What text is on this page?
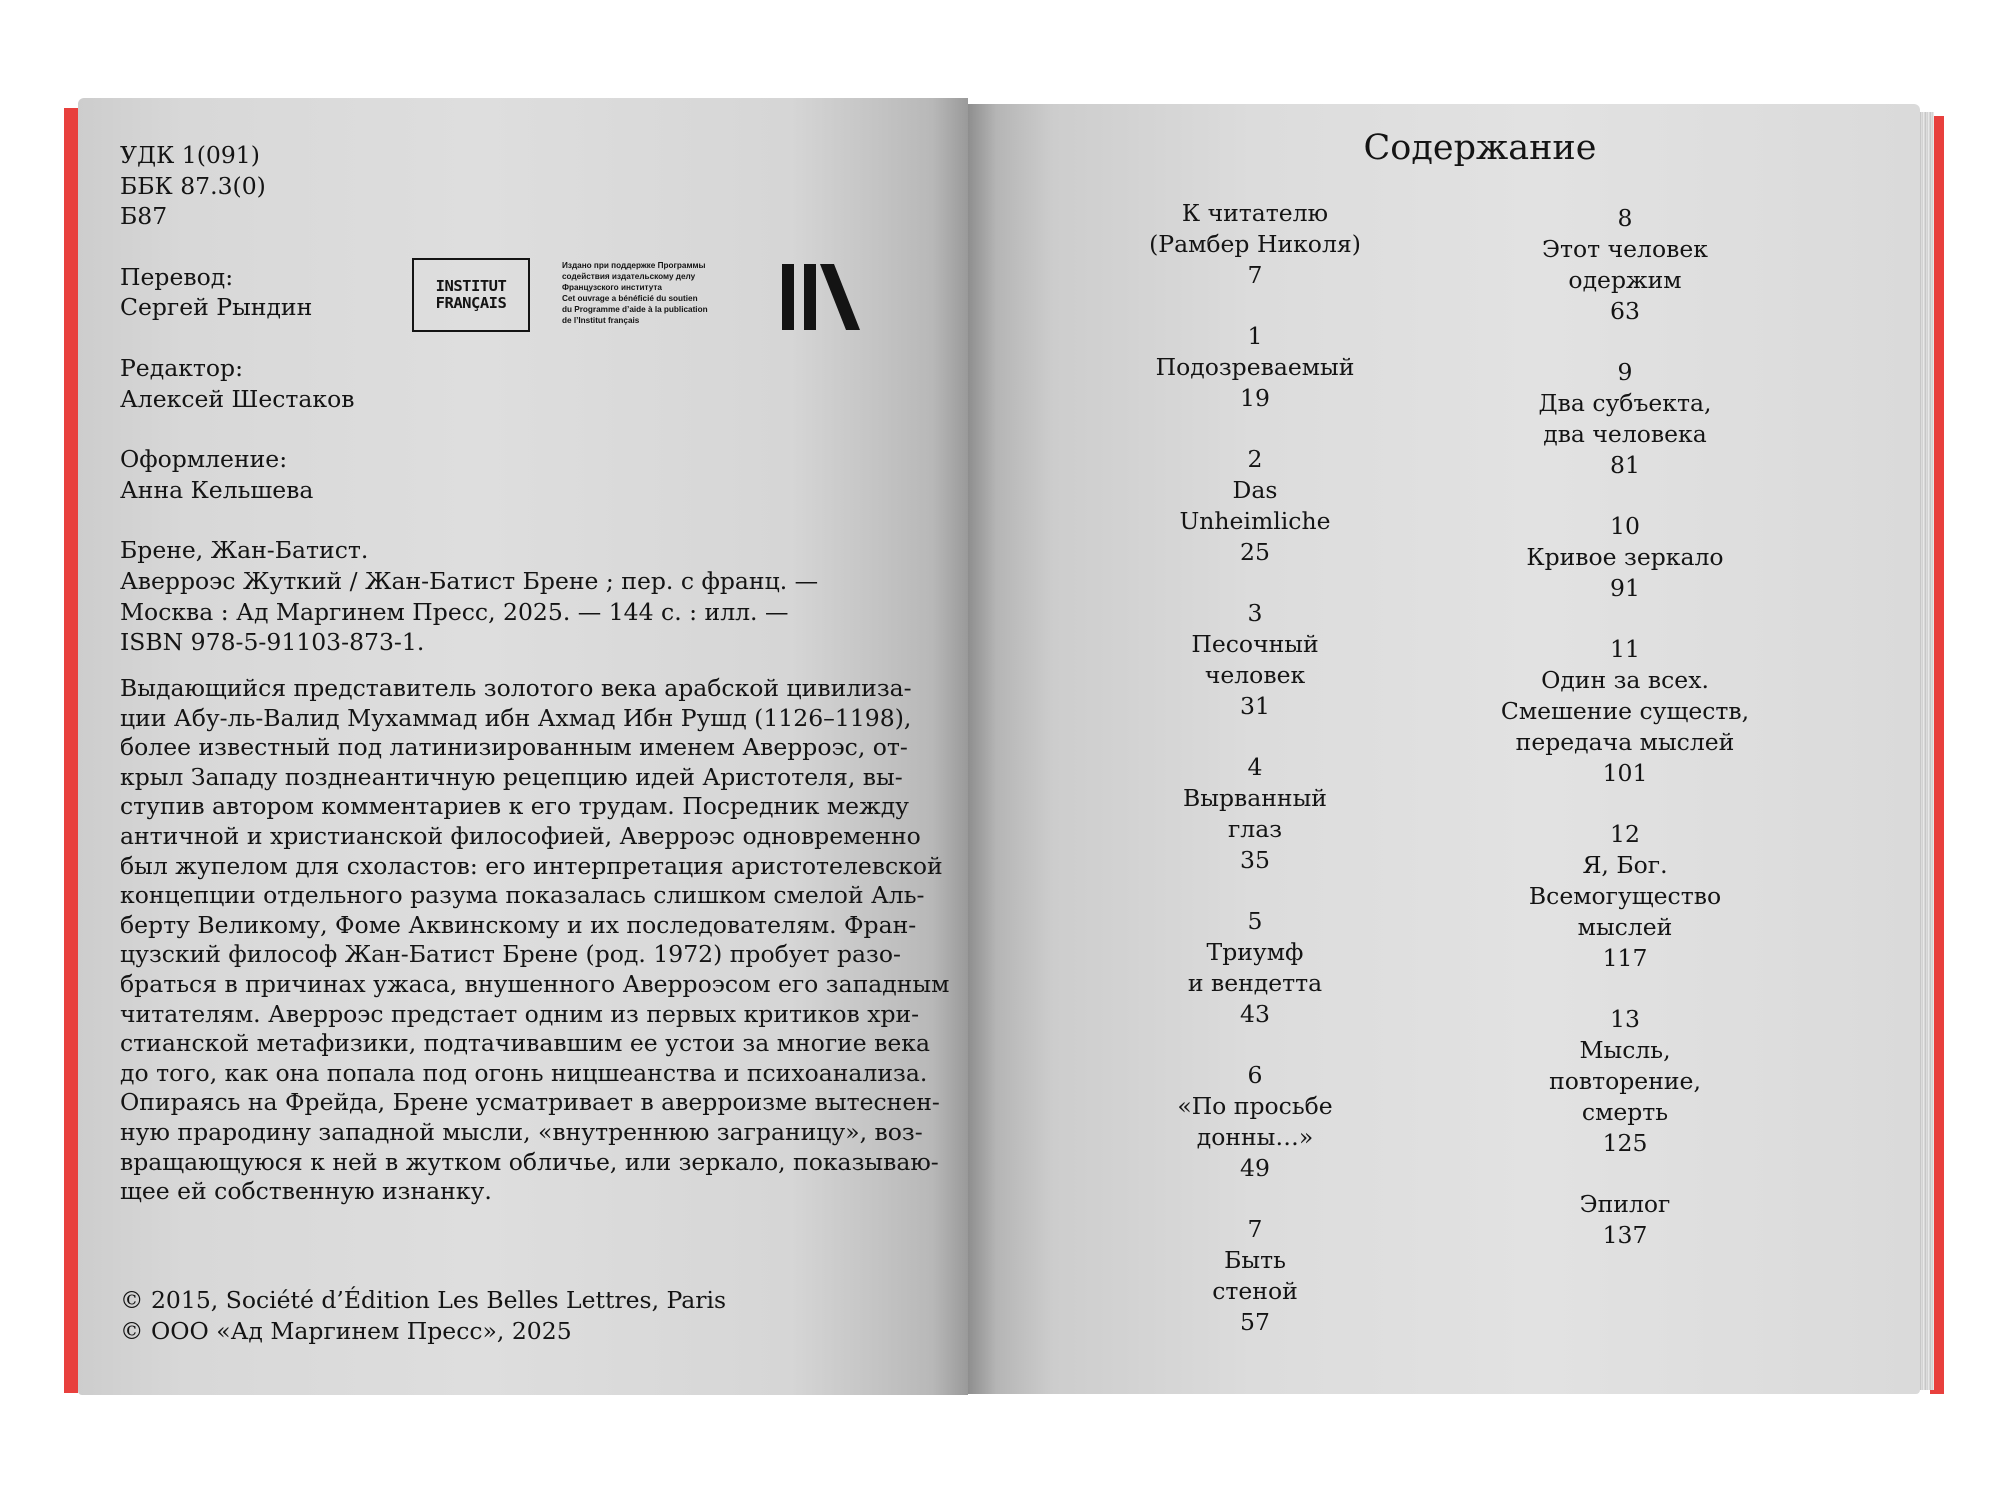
УДК 1(091)
ББК 87.3(0)
Б87
Перевод:
Сергей Рындин
Редактор:
Алексей Шестаков
Оформление:
Анна Кельшева
Брене, Жан-Батист.
Аверроэс Жуткий / Жан-Батист Брене ; пер. с франц. —
Москва : Ад Маргинем Пресс, 2025. — 144 с. : илл. —
ISBN 978-5-91103-873-1.
INSTITUT
FRANÇAIS
Издано при поддержке Программы
содействия издательскому делу
Французского института
Cet ouvrage a bénéficié du soutien
du Programme d’aide à la publication
de l’Institut français
Выдающийся представитель золотого века арабской цивилиза-
ции Абу-ль-Валид Мухаммад ибн Ахмад Ибн Рушд (1126–1198),
более известный под латинизированным именем Аверроэс, от-
крыл Западу позднеантичную рецепцию идей Аристотеля, вы-
ступив автором комментариев к его трудам. Посредник между
античной и христианской философией, Аверроэс одновременно
был жупелом для схоластов: его интерпретация аристотелевской
концепции отдельного разума показалась слишком смелой Аль-
берту Великому, Фоме Аквинскому и их последователям. Фран-
цузский философ Жан-Батист Брене (род. 1972) пробует разо-
браться в причинах ужаса, внушенного Аверроэсом его западным
читателям. Аверроэс предстает одним из первых критиков хри-
стианской метафизики, подтачивавшим ее устои за многие века
до того, как она попала под огонь ницшеанства и психоанализа.
Опираясь на Фрейда, Брене усматривает в аверроизме вытеснен-
ную прародину западной мысли, «внутреннюю заграницу», воз-
вращающуюся к ней в жутком обличье, или зеркало, показываю-
щее ей собственную изнанку.
© 2015, Société d’Édition Les Belles Lettres, Paris
© ООО «Ад Маргинем Пресс», 2025
Содержание
К читателю
(Рамбер Николя)
7
1
Подозреваемый
19
2
Das
Unheimliche
25
3
Песочный
человек
31
4
Вырванный
глаз
35
5
Триумф
и вендетта
43
6
«По просьбе
донны…»
49
7
Быть
стеной
57
8
Этот человек
одержим
63
9
Два субъекта,
два человека
81
10
Кривое зеркало
91
11
Один за всех.
Смешение существ,
передача мыслей
101
12
Я, Бог.
Всемогущество
мыслей
117
13
Мысль,
повторение,
смерть
125
Эпилог
137
